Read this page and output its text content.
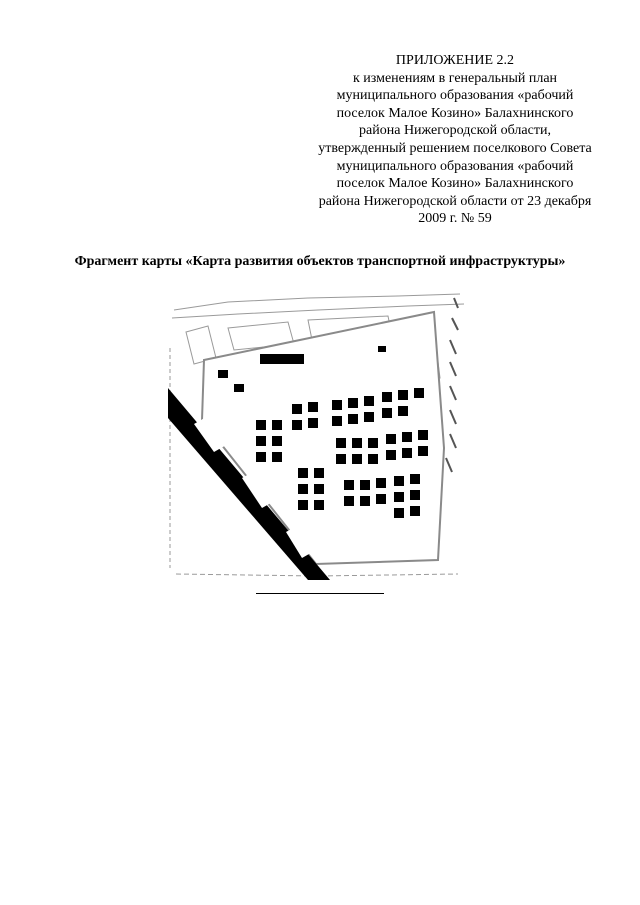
ПРИЛОЖЕНИЕ 2.2
к изменениям в генеральный план
муниципального образования «рабочий
поселок Малое Козино» Балахнинского
района Нижегородской области,
утвержденный решением поселкового Совета
муниципального образования «рабочий
поселок Малое Козино» Балахнинского
района Нижегородской области от 23 декабря
2009 г. № 59
Фрагмент карты «Карта развития объектов транспортной инфраструктуры»
